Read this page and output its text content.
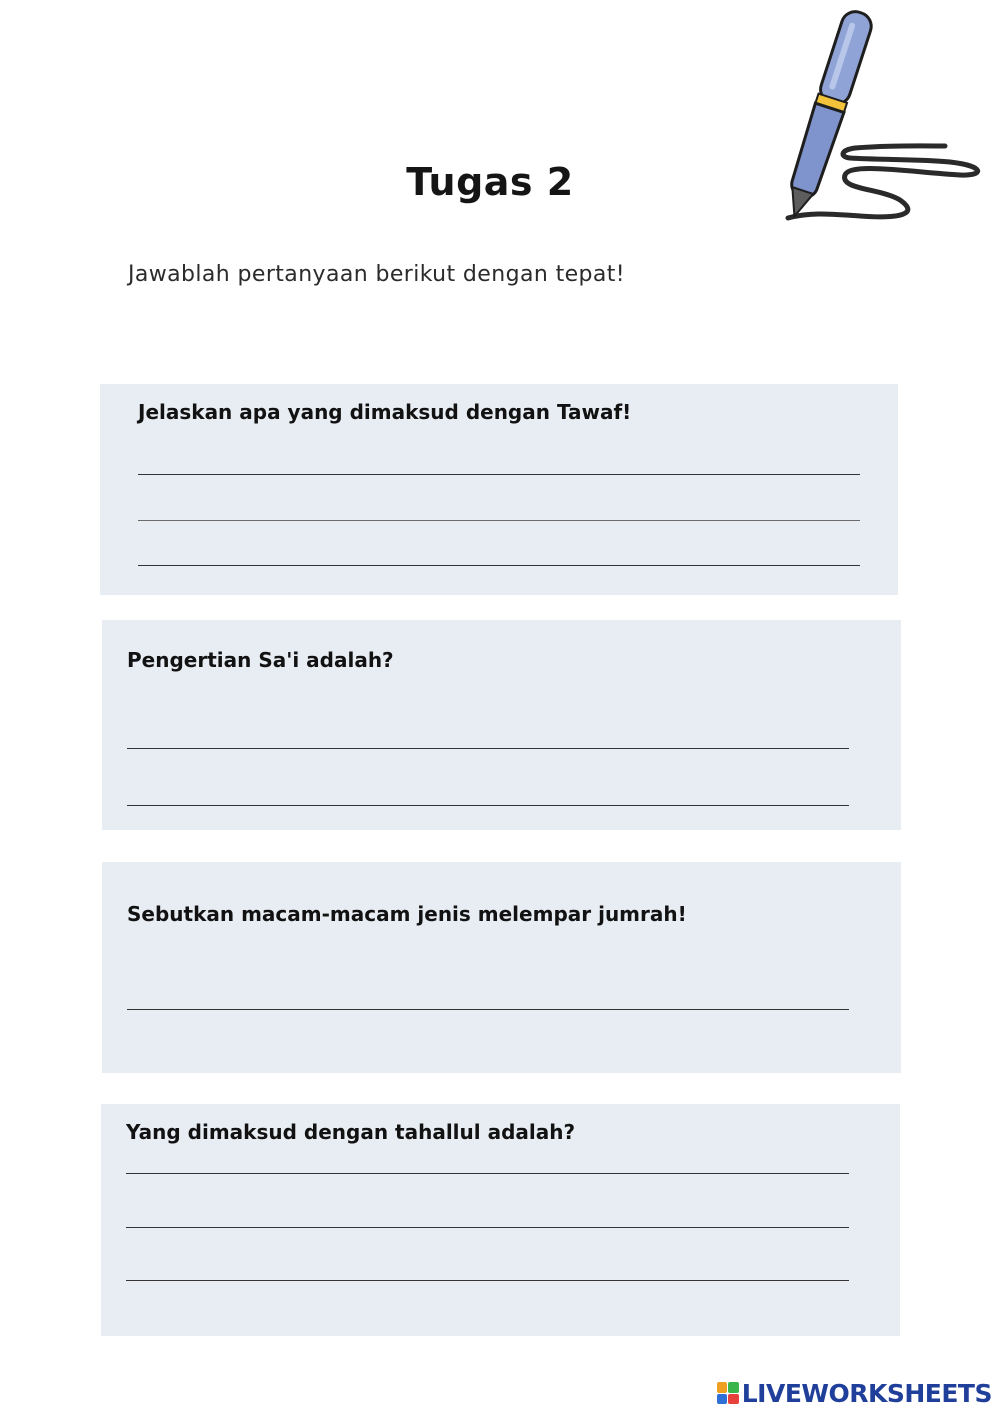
Tugas 2
Jawablah pertanyaan berikut dengan tepat!
Jelaskan apa yang dimaksud dengan Tawaf!
Pengertian Sa'i adalah?
Sebutkan macam-macam jenis melempar jumrah!
Yang dimaksud dengan tahallul adalah?
LIVEWORKSHEETS
